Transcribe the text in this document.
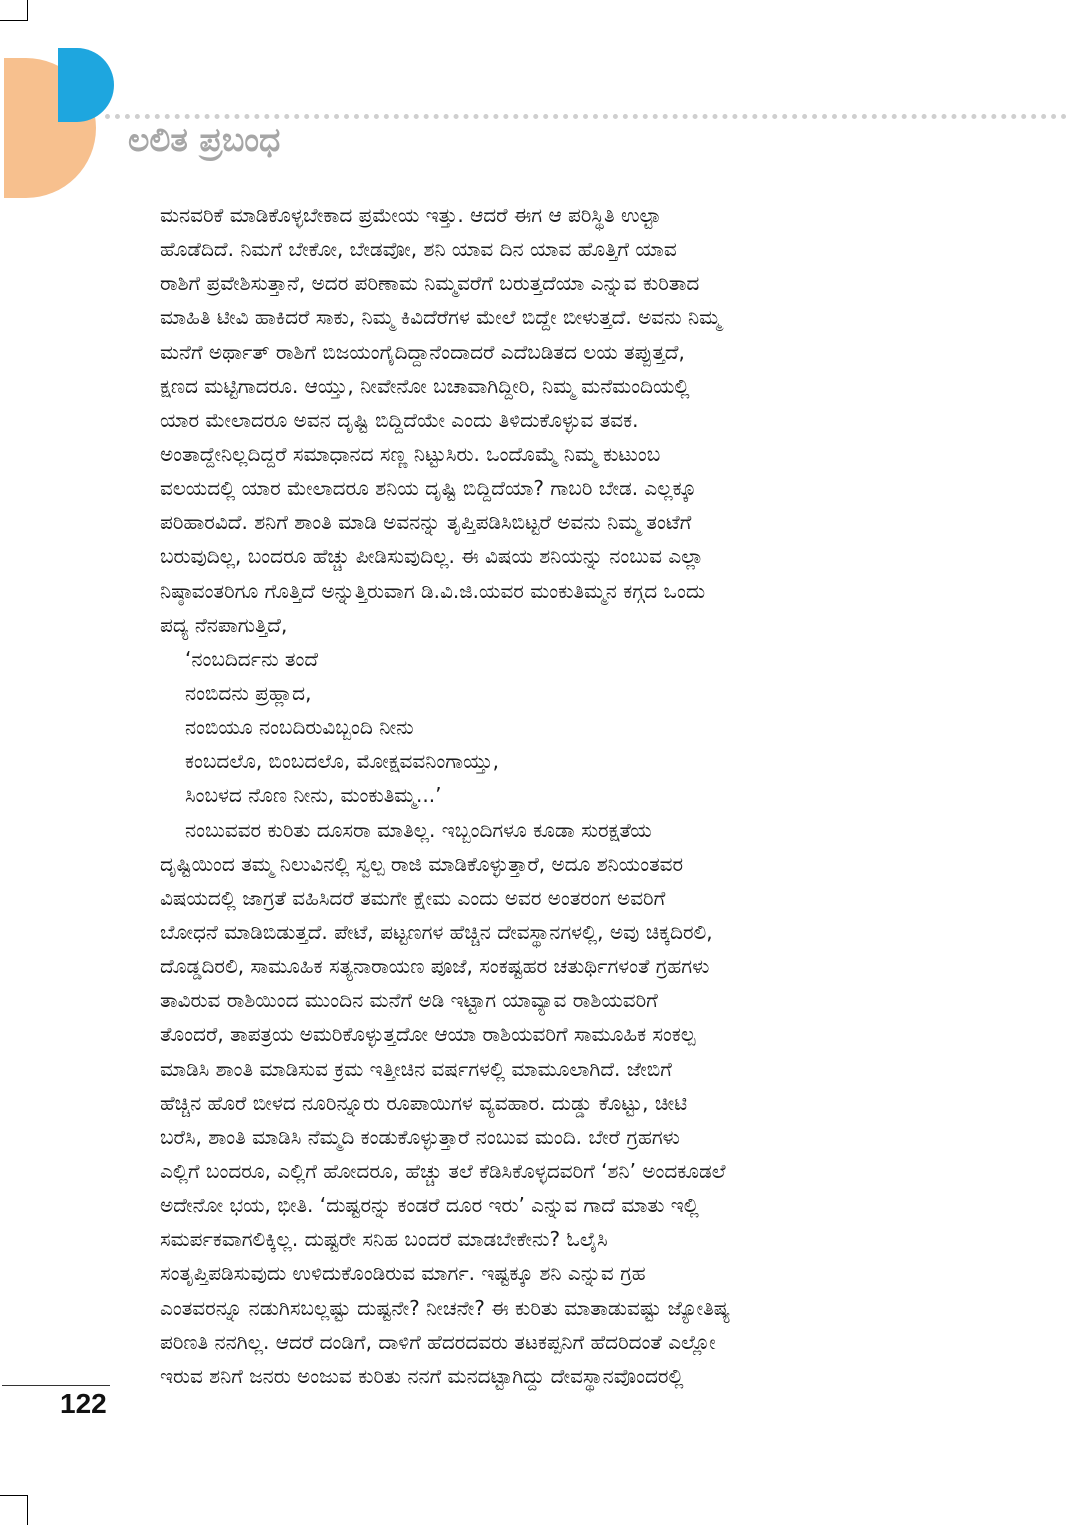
ಲಲಿತ ಪ್ರಬಂಧ
ಮನವರಿಕೆ ಮಾಡಿಕೊಳ್ಳಬೇಕಾದ ಪ್ರಮೇಯ ಇತ್ತು. ಆದರೆ ಈಗ ಆ ಪರಿಸ್ಥಿತಿ ಉಲ್ಟಾ
ಹೊಡೆದಿದೆ. ನಿಮಗೆ ಬೇಕೋ, ಬೇಡವೋ, ಶನಿ ಯಾವ ದಿನ ಯಾವ ಹೊತ್ತಿಗೆ ಯಾವ
ರಾಶಿಗೆ ಪ್ರವೇಶಿಸುತ್ತಾನೆ, ಅದರ ಪರಿಣಾಮ ನಿಮ್ಮವರೆಗೆ ಬರುತ್ತದೆಯಾ ಎನ್ನುವ ಕುರಿತಾದ
ಮಾಹಿತಿ ಟೀವಿ ಹಾಕಿದರೆ ಸಾಕು, ನಿಮ್ಮ ಕಿವಿದೆರೆಗಳ ಮೇಲೆ ಬಿದ್ದೇ ಬೀಳುತ್ತದೆ. ಅವನು ನಿಮ್ಮ
ಮನೆಗೆ ಅರ್ಥಾತ್ ರಾಶಿಗೆ ಬಿಜಯಂಗೈದಿದ್ದಾನೆಂದಾದರೆ ಎದೆಬಡಿತದ ಲಯ ತಪ್ಪುತ್ತದೆ,
ಕ್ಷಣದ ಮಟ್ಟಿಗಾದರೂ. ಆಯ್ತು, ನೀವೇನೋ ಬಚಾವಾಗಿದ್ದೀರಿ, ನಿಮ್ಮ ಮನೆಮಂದಿಯಲ್ಲಿ
ಯಾರ ಮೇಲಾದರೂ ಅವನ ದೃಷ್ಟಿ ಬಿದ್ದಿದೆಯೇ ಎಂದು ತಿಳಿದುಕೊಳ್ಳುವ ತವಕ.
ಅಂತಾದ್ದೇನಿಲ್ಲದಿದ್ದರೆ ಸಮಾಧಾನದ ಸಣ್ಣ ನಿಟ್ಟುಸಿರು. ಒಂದೊಮ್ಮೆ ನಿಮ್ಮ ಕುಟುಂಬ
ವಲಯದಲ್ಲಿ ಯಾರ ಮೇಲಾದರೂ ಶನಿಯ ದೃಷ್ಟಿ ಬಿದ್ದಿದೆಯಾ? ಗಾಬರಿ ಬೇಡ. ಎಲ್ಲಕ್ಕೂ
ಪರಿಹಾರವಿದೆ. ಶನಿಗೆ ಶಾಂತಿ ಮಾಡಿ ಅವನನ್ನು ತೃಪ್ತಿಪಡಿಸಿಬಿಟ್ಟರೆ ಅವನು ನಿಮ್ಮ ತಂಟೆಗೆ
ಬರುವುದಿಲ್ಲ, ಬಂದರೂ ಹೆಚ್ಚು ಪೀಡಿಸುವುದಿಲ್ಲ. ಈ ವಿಷಯ ಶನಿಯನ್ನು ನಂಬುವ ಎಲ್ಲಾ
ನಿಷ್ಠಾವಂತರಿಗೂ ಗೊತ್ತಿದೆ ಅನ್ನುತ್ತಿರುವಾಗ ಡಿ.ವಿ.ಜಿ.ಯವರ ಮಂಕುತಿಮ್ಮನ ಕಗ್ಗದ ಒಂದು
ಪದ್ಯ ನೆನಪಾಗುತ್ತಿದೆ,
‘ನಂಬದಿರ್ದನು ತಂದೆ
ನಂಬಿದನು ಪ್ರಹ್ಲಾದ,
ನಂಬಿಯೂ ನಂಬದಿರುವಿಬ್ಬಂದಿ ನೀನು
ಕಂಬದಲೊ, ಬಿಂಬದಲೊ, ಮೋಕ್ಷವವನಿಂಗಾಯ್ತು,
ಸಿಂಬಳದ ನೊಣ ನೀನು, ಮಂಕುತಿಮ್ಮ...’
ನಂಬುವವರ ಕುರಿತು ದೂಸರಾ ಮಾತಿಲ್ಲ. ಇಬ್ಬಂದಿಗಳೂ ಕೂಡಾ ಸುರಕ್ಷತೆಯ
ದೃಷ್ಟಿಯಿಂದ ತಮ್ಮ ನಿಲುವಿನಲ್ಲಿ ಸ್ವಲ್ಪ ರಾಜಿ ಮಾಡಿಕೊಳ್ಳುತ್ತಾರೆ, ಅದೂ ಶನಿಯಂತವರ
ವಿಷಯದಲ್ಲಿ ಜಾಗ್ರತೆ ವಹಿಸಿದರೆ ತಮಗೇ ಕ್ಷೇಮ ಎಂದು ಅವರ ಅಂತರಂಗ ಅವರಿಗೆ
ಬೋಧನೆ ಮಾಡಿಬಿಡುತ್ತದೆ. ಪೇಟೆ, ಪಟ್ಟಣಗಳ ಹೆಚ್ಚಿನ ದೇವಸ್ಥಾನಗಳಲ್ಲಿ, ಅವು ಚಿಕ್ಕದಿರಲಿ,
ದೊಡ್ಡದಿರಲಿ, ಸಾಮೂಹಿಕ ಸತ್ಯನಾರಾಯಣ ಪೂಜೆ, ಸಂಕಷ್ಟಹರ ಚತುರ್ಥಿಗಳಂತೆ ಗ್ರಹಗಳು
ತಾವಿರುವ ರಾಶಿಯಿಂದ ಮುಂದಿನ ಮನೆಗೆ ಅಡಿ ಇಟ್ಟಾಗ ಯಾವ್ಯಾವ ರಾಶಿಯವರಿಗೆ
ತೊಂದರೆ, ತಾಪತ್ರಯ ಅಮರಿಕೊಳ್ಳುತ್ತದೋ ಆಯಾ ರಾಶಿಯವರಿಗೆ ಸಾಮೂಹಿಕ ಸಂಕಲ್ಪ
ಮಾಡಿಸಿ ಶಾಂತಿ ಮಾಡಿಸುವ ಕ್ರಮ ಇತ್ತೀಚಿನ ವರ್ಷಗಳಲ್ಲಿ ಮಾಮೂಲಾಗಿದೆ. ಜೇಬಿಗೆ
ಹೆಚ್ಚಿನ ಹೊರೆ ಬೀಳದ ನೂರಿನ್ನೂರು ರೂಪಾಯಿಗಳ ವ್ಯವಹಾರ. ದುಡ್ಡು ಕೊಟ್ಟು, ಚೀಟಿ
ಬರೆಸಿ, ಶಾಂತಿ ಮಾಡಿಸಿ ನೆಮ್ಮದಿ ಕಂಡುಕೊಳ್ಳುತ್ತಾರೆ ನಂಬುವ ಮಂದಿ. ಬೇರೆ ಗ್ರಹಗಳು
ಎಲ್ಲಿಗೆ ಬಂದರೂ, ಎಲ್ಲಿಗೆ ಹೋದರೂ, ಹೆಚ್ಚು ತಲೆ ಕೆಡಿಸಿಕೊಳ್ಳದವರಿಗೆ ‘ಶನಿ’ ಅಂದಕೂಡಲೆ
ಅದೇನೋ ಭಯ, ಭೀತಿ. ‘ದುಷ್ಟರನ್ನು ಕಂಡರೆ ದೂರ ಇರು’ ಎನ್ನುವ ಗಾದೆ ಮಾತು ಇಲ್ಲಿ
ಸಮರ್ಪಕವಾಗಲಿಕ್ಕಿಲ್ಲ. ದುಷ್ಟರೇ ಸನಿಹ ಬಂದರೆ ಮಾಡಬೇಕೇನು? ಓಲೈಸಿ
ಸಂತೃಪ್ತಿಪಡಿಸುವುದು ಉಳಿದುಕೊಂಡಿರುವ ಮಾರ್ಗ. ಇಷ್ಟಕ್ಕೂ ಶನಿ ಎನ್ನುವ ಗ್ರಹ
ಎಂತವರನ್ನೂ ನಡುಗಿಸಬಲ್ಲಷ್ಟು ದುಷ್ಟನೇ? ನೀಚನೇ? ಈ ಕುರಿತು ಮಾತಾಡುವಷ್ಟು ಜ್ಯೋತಿಷ್ಯ
ಪರಿಣತಿ ನನಗಿಲ್ಲ. ಆದರೆ ದಂಡಿಗೆ, ದಾಳಿಗೆ ಹೆದರದವರು ತಟಕಪ್ಪನಿಗೆ ಹೆದರಿದಂತೆ ಎಲ್ಲೋ
ಇರುವ ಶನಿಗೆ ಜನರು ಅಂಜುವ ಕುರಿತು ನನಗೆ ಮನದಟ್ಟಾಗಿದ್ದು ದೇವಸ್ಥಾನವೊಂದರಲ್ಲಿ
122
